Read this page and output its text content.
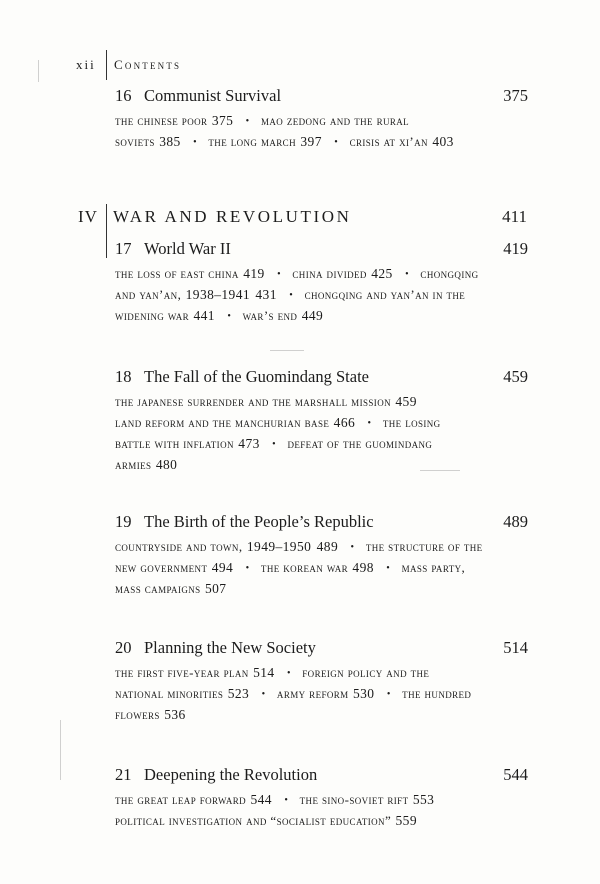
xii Contents
16 Communist Survival	375
the chinese poor 375 • mao zedong and the rural
soviets 385 • the long march 397 • crisis at xi’an 403
IV WAR AND REVOLUTION	411
17 World War II	419
the loss of east china 419 • china divided 425 • chongqing
and yan’an, 1938–1941 431 • chongqing and yan’an in the
widening war 441 • war’s end 449
18 The Fall of the Guomindang State	459
the japanese surrender and the marshall mission 459
land reform and the manchurian base 466 • the losing
battle with inflation 473 • defeat of the guomindang
armies 480
19 The Birth of the People’s Republic	489
countryside and town, 1949–1950 489 • the structure of the
new government 494 • the korean war 498 • mass party,
mass campaigns 507
20 Planning the New Society	514
the first five-year plan 514 • foreign policy and the
national minorities 523 • army reform 530 • the hundred
flowers 536
21 Deepening the Revolution	544
the great leap forward 544 • the sino-soviet rift 553
political investigation and “socialist education” 559
